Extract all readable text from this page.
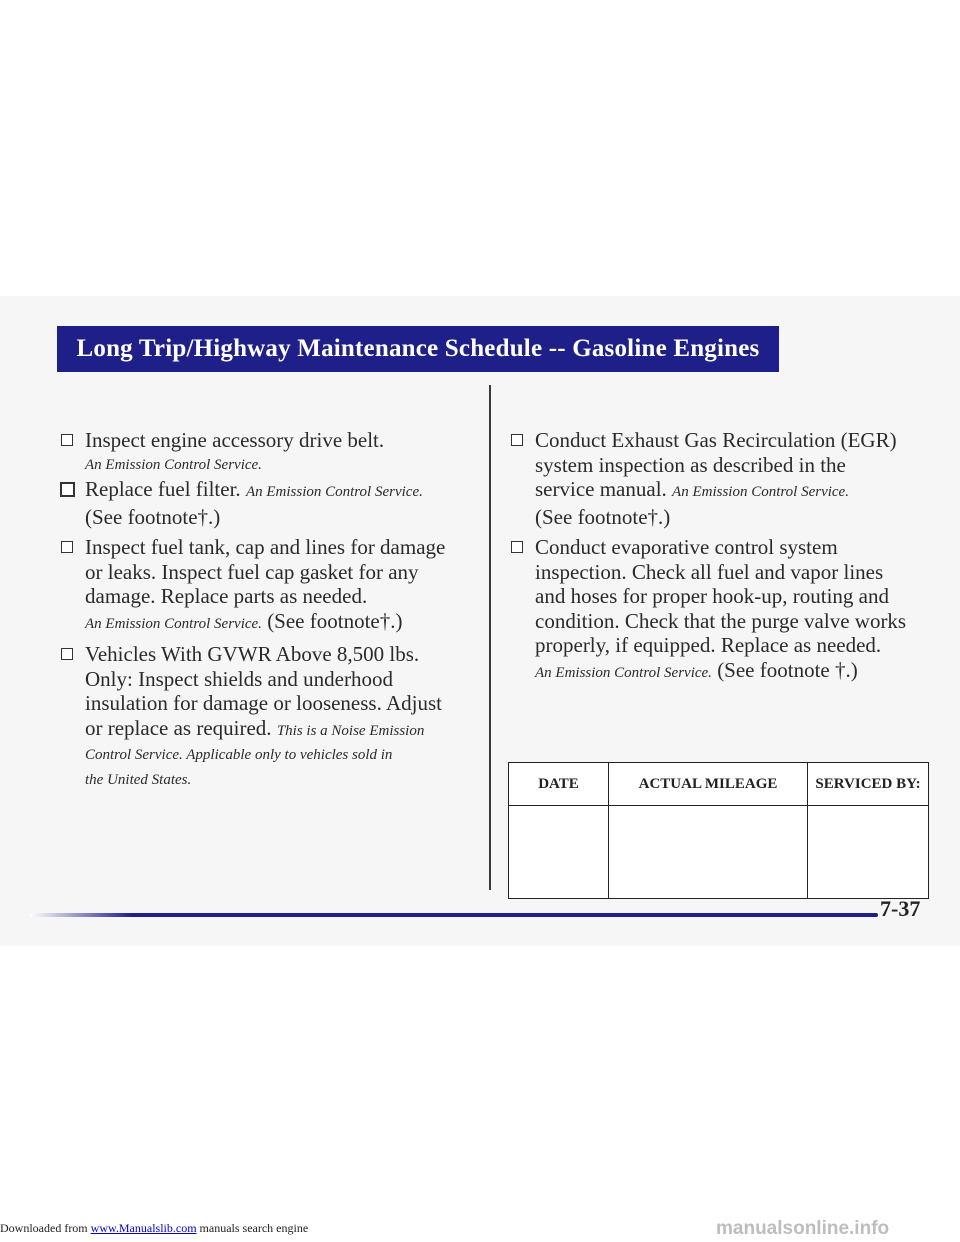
Long Trip/Highway Maintenance Schedule -- Gasoline Engines
Inspect engine accessory drive belt.
An Emission Control Service.
Replace fuel filter. An Emission Control Service.
(See footnote†.)
Inspect fuel tank, cap and lines for damage
or leaks. Inspect fuel cap gasket for any
damage. Replace parts as needed.
An Emission Control Service. (See footnote†.)
Vehicles With GVWR Above 8,500 lbs.
Only: Inspect shields and underhood
insulation for damage or looseness. Adjust
or replace as required. This is a Noise Emission
Control Service. Applicable only to vehicles sold in
the United States.
Conduct Exhaust Gas Recirculation (EGR)
system inspection as described in the
service manual. An Emission Control Service.
(See footnote†.)
Conduct evaporative control system
inspection. Check all fuel and vapor lines
and hoses for proper hook-up, routing and
condition. Check that the purge valve works
properly, if equipped. Replace as needed.
An Emission Control Service. (See footnote †.)
DATE	ACTUAL MILEAGE	SERVICED BY:

7-37
Downloaded from www.Manualslib.com manuals search engine	manualsonline.info
